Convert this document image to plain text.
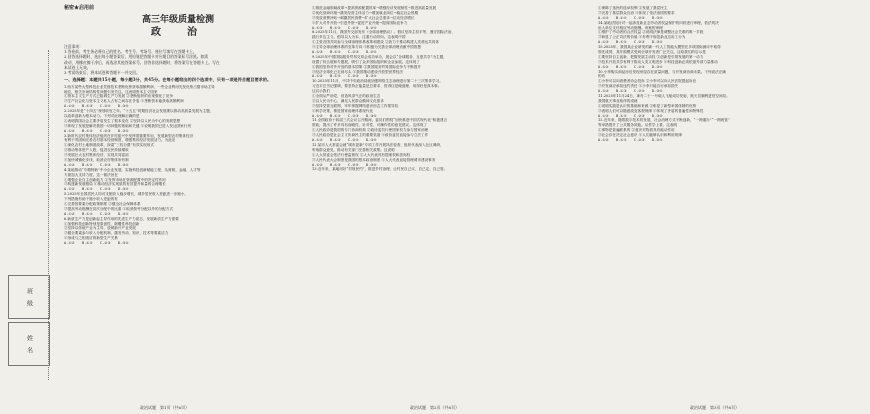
班　级
姓　名
秘密★启用前
高三年级质量检测
政　治

注意事项：

1.答卷前，考生务必将自己的姓名、考生号、考场号、座位号填写在答题卡上。

2.回答选择题时，选出每小题答案后，用铅笔把答题卡对应题目的答案标号涂黑。如需

改动，用橡皮擦干净后，再选涂其他答案标号。回答非选择题时，将答案写在答题卡上。写在

本试卷上无效。

3.考试结束后，将本试卷和答题卡一并交回。

一、选择题：本题共15小题，每小题3分，共45分。在每小题给出的四个选项中，只有一项是符合题目要求的。

1.西方某些大型科技企业凭借技术垄断优势获取超额利润，一些企业利用先发优势占据市场主导

地位，相关市场结构性问题引发关注。这表明资本主义国家

①资本主义生产方式已阻碍生产力发展 ②垄断组织的出现强化了竞争

③生产社会化与资本主义私人占有之间存在矛盾 ④垄断资本能获取高额利润

A.①②　　B.①③　　C.②④　　D.③④

2.2025年是“十四五”规划收官之年。“十五五”时期经济社会发展要以推动高质量发展为主题，

以改革创新为根本动力。下列对此理解正确的是

①表明我国社会主要矛盾发生了根本变化 ②坚持以人民为中心的发展思想

③体现了发展是解决我国一切问题的基础和关键 ④说明我国已进入发达国家行列

A.①②　　B.①④　　C.②③　　D.③④

3.新时代农村集体经济组织在乡村振兴中发挥着重要作用，发展新型农村集体经济

有利于巩固和完善农村基本经营制度，增强集体经济发展活力。为此应

①深化农村土地制度改革，探索“三权分置”有效实现形式

②推动集体资产入股，促进农民持续增收

③发展壮大农村集体经济，实现共同富裕

④加快城镇化步伐，取消农村集体所有制

A.①②　　B.①④　　C.②③　　D.③④

4.某地推动“专精特新”中小企业发展，实施科技创新赋能工程，从财税、金融、人才等

方面加大支持力度。这一做法旨在

①增强企业自主创新能力 ②发挥市场在资源配置中的决定性作用

③构建新发展格局 ④推动经济实现质的有效提升和量的合理增长

A.①②　　B.①④　　C.②③　　D.③④

5.2025年全国居民人均可支配收入稳步增长，城乡居民收入差距进一步缩小。

下列措施有助于缩小收入差距的有

①完善按要素分配政策制度 ②健全社会保障体系

③提高劳动报酬在初次分配中的比重 ④取消按劳分配以外的分配方式

A.①②　　B.①④　　C.②③　　D.③④

6.新质生产力是创新起主导作用的先进生产力质态，发展新质生产力需要

①加强科技创新特别是原创性、颠覆性科技创新

②坚持以传统产业为主导，放缓新兴产业发展

③健全要素参与收入分配机制，激发劳动、知识、技术等要素活力

④形成与之相适应的新型生产关系

A.①②　　B.①④　　C.②③　　D.③④

①推进金融领域改革→提高资源配置效率→增强经济发展韧性→推进高质量发展

②优化营商环境→激发经营主体活力→增加就业岗位→稳定社会预期

③发放消费补贴→刺激居民消费→扩大社会总需求→拉动经济增长

④扩大对外开放→引进外资→促进产业升级→提高国际竞争力

A.①③　　B.①④　　C.②③　　D.②④

8.2025年11月，我国外交部发布《全球治理倡议》。倡议坚持主权平等、遵守国际法治、

践行多边主义、倡导以人为本、注重行动导向。这表明中国

①主张各国共同参与全球治理体系改革和建设 ②致力于推动构建人类命运共同体

③主导全球治理体系的变革方向 ④积极为完善全球治理贡献中国智慧

A.①③　　B.①④　　C.②③　　D.②④

9.2025年中国国际服务贸易交易会成功举办，展会以“全球服务，互惠共享”为主题，

设置了综合展和专题展，吸引了众多国际组织和企业参展。这体现了

①我国坚持对外开放的基本国策 ②我国服务贸易国际竞争力不断提升

③经济全球化已走到尽头 ④我国推动建设开放型世界经济

A.①②　　B.①④　　C.②③　　D.③④

10.2025年11月，中共中央政治局就加强网络生态治理进行第二十三次集体学习。

习近平总书记强调，要坚持正能量是总要求、管得住是硬道理、用得好是真本事。

这启示我们

①全面从严治党，营造风清气正的政治生态

②以人民为中心，满足人民群众精神文化需求

③坚持党管互联网，牢牢掌握网络意识形态工作领导权

④科学决策，推进国家治理体系现代化

A.①②　　B.①④　　C.②③　　D.③④

11.全国政协十四届三次会议召开期间，委员们围绕“加快推进中国式现代化”积极建言

资政，提出了许多具有前瞻性、针对性、可操作性的意见建议。这体现了

①人民政协是我国的专门协商机构 ②政协委员行使国家权力参与国家治理

③人民政协是社会主义协商民主的重要渠道 ④政协委员直接参与立法工作

A.①②　　B.①③　　C.②④　　D.③④

12.某市人大常委会就“城市更新”专项工作开展执法检查，组织代表深入社区调研，

听取群众意见，推动有关部门完善相关政策。这说明

①人大常委会依法行使监督权 ②人大代表具有提案权和质询权

③人民代表大会制度是我国的根本政治制度 ④人大代表直接管理城市建设事务

A.①②　　B.①③　　C.②④　　D.③④

13.近年来，某地用好“村规民约”，推进乡村治理，让村民自己议、自己定、自己管。

①保障了选民的选举权利 ②发展了基层民主

③完善了基层群众自治 ④体现了依法治国的要求

A.①②　　B.①④　　C.②③　　D.③④

14.某地法院针对一起涉及新业态劳动者权益保护的纠纷进行审理，依法判决

用人单位支付相应劳动报酬。该案的审理

①维护了劳动者的合法权益 ②说明法律是调整社会关系的唯一手段

③彰显了公正司法的价值 ④有利于规范新业态用工行为

A.①②　　B.①④　　C.②③　　D.③④

15.2025年，我国某企业研发的新一代人工智能大模型在多项国际测评中取得

领先成绩，其开源模式受到全球开发者广泛关注。这给我们的启示是

①要坚持自主创新，把握发展主动权 ②创新是引领发展的第一动力

③技术开放共享有利于推动人类文明进步 ④科技创新必须依靠外部力量推动

A.①②　　B.①④　　C.②③　　D.③④

10.小李购买商品房后发现房屋存在质量问题，与开发商协商未果。下列说法正确

的有

①小李可以向消费者协会投诉 ②小李可以向人民法院提起诉讼

③开发商应承担违约责任 ④小李只能自行承担损失

A.①②　　B.①③　　C.②④　　D.③④

11.2025年11月24日，神舟二十一号载人飞船成功发射，航天员顺利进驻空间站。

我国航天事业取得的成就

①说明实践是认识的基础和来源 ②彰显了新型举国体制的优势

③表明人们可以随意改变客观规律 ④体现了矛盾的普遍性和特殊性

A.①②　　B.①④　　C.②③　　D.③④

12.近年来，随着数字技术的发展，社会治理方式不断创新，“一网通办”“一网统管”

等举措提升了公共服务效能。从哲学上看，这表明

①事物是普遍联系的 ②意识对物质具有能动作用

③社会存在决定社会意识 ④人们能够认识和利用规律

A.①②　　B.①④　　C.②③　　D.②④

政治试题　第1页（共6页）	政治试题　第2页（共6页）	政治试题　第3页（共6页）
